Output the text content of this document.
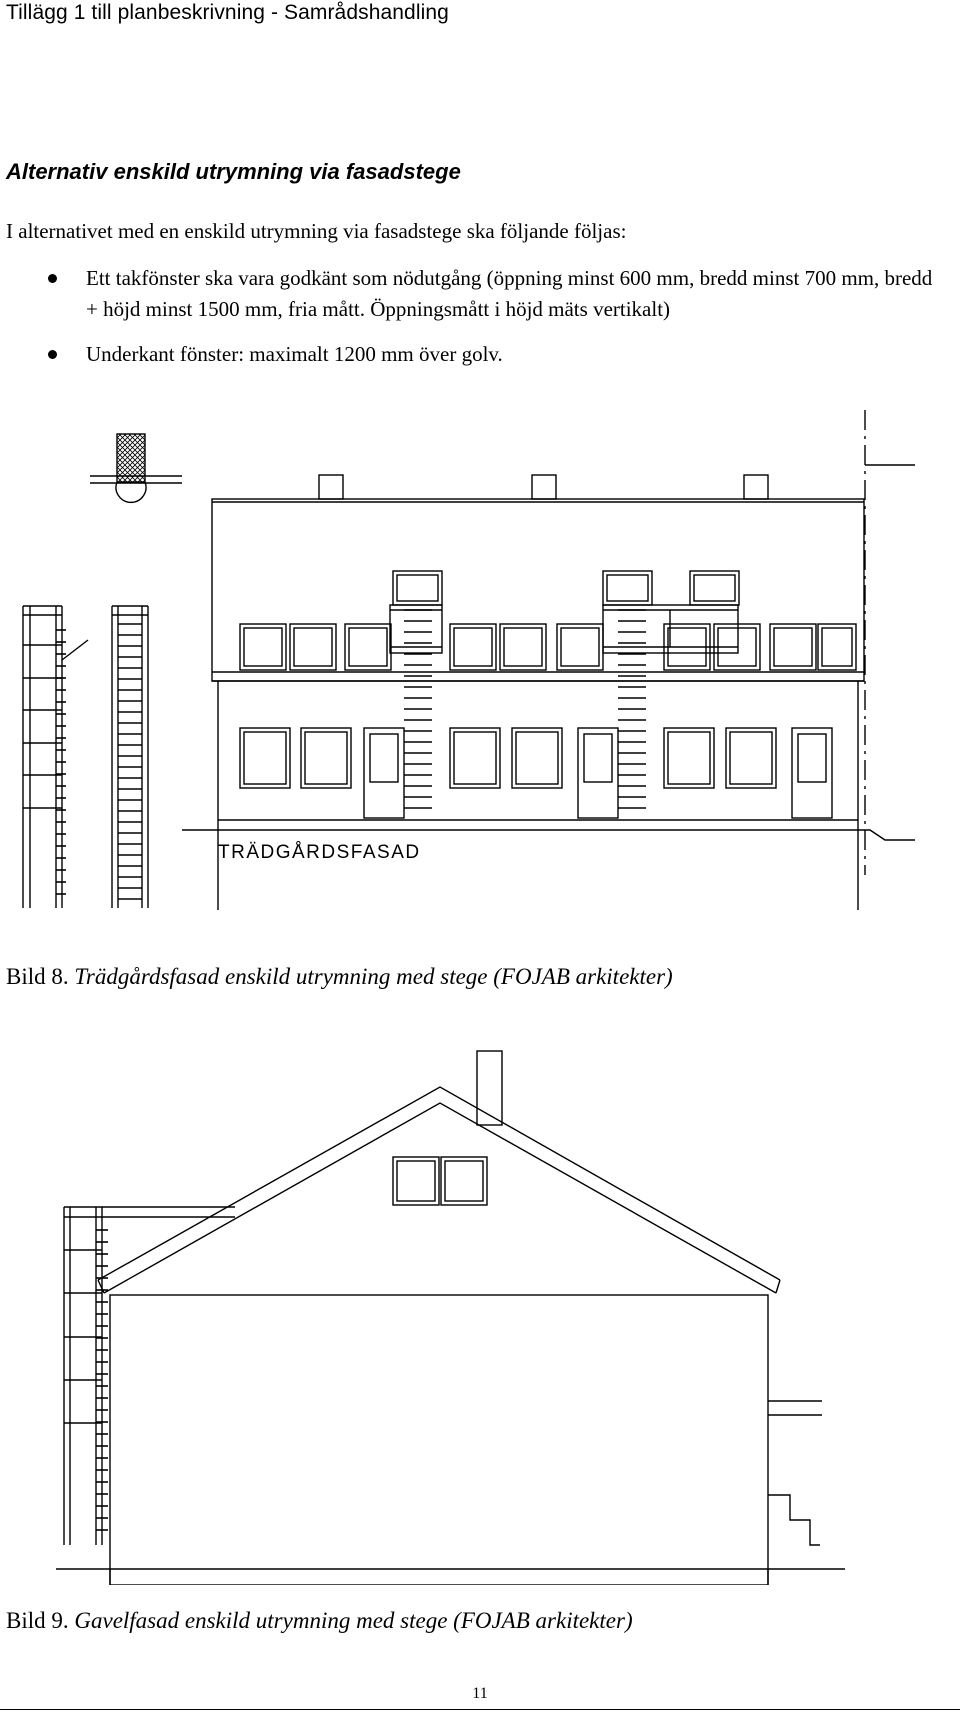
Tillägg 1 till planbeskrivning - Samrådshandling
Alternativ enskild utrymning via fasadstege
I alternativet med en enskild utrymning via fasadstege ska följande följas:
Ett takfönster ska vara godkänt som nödutgång (öppning minst 600 mm, bredd minst 700 mm, bredd + höjd minst 1500 mm, fria mått. Öppningsmått i höjd mäts vertikalt)
Underkant fönster: maximalt 1200 mm över golv.
TRÄDGÅRDSFASAD
Bild 8. Trädgårdsfasad enskild utrymning med stege (FOJAB arkitekter)
Bild 9. Gavelfasad enskild utrymning med stege (FOJAB arkitekter)
11
